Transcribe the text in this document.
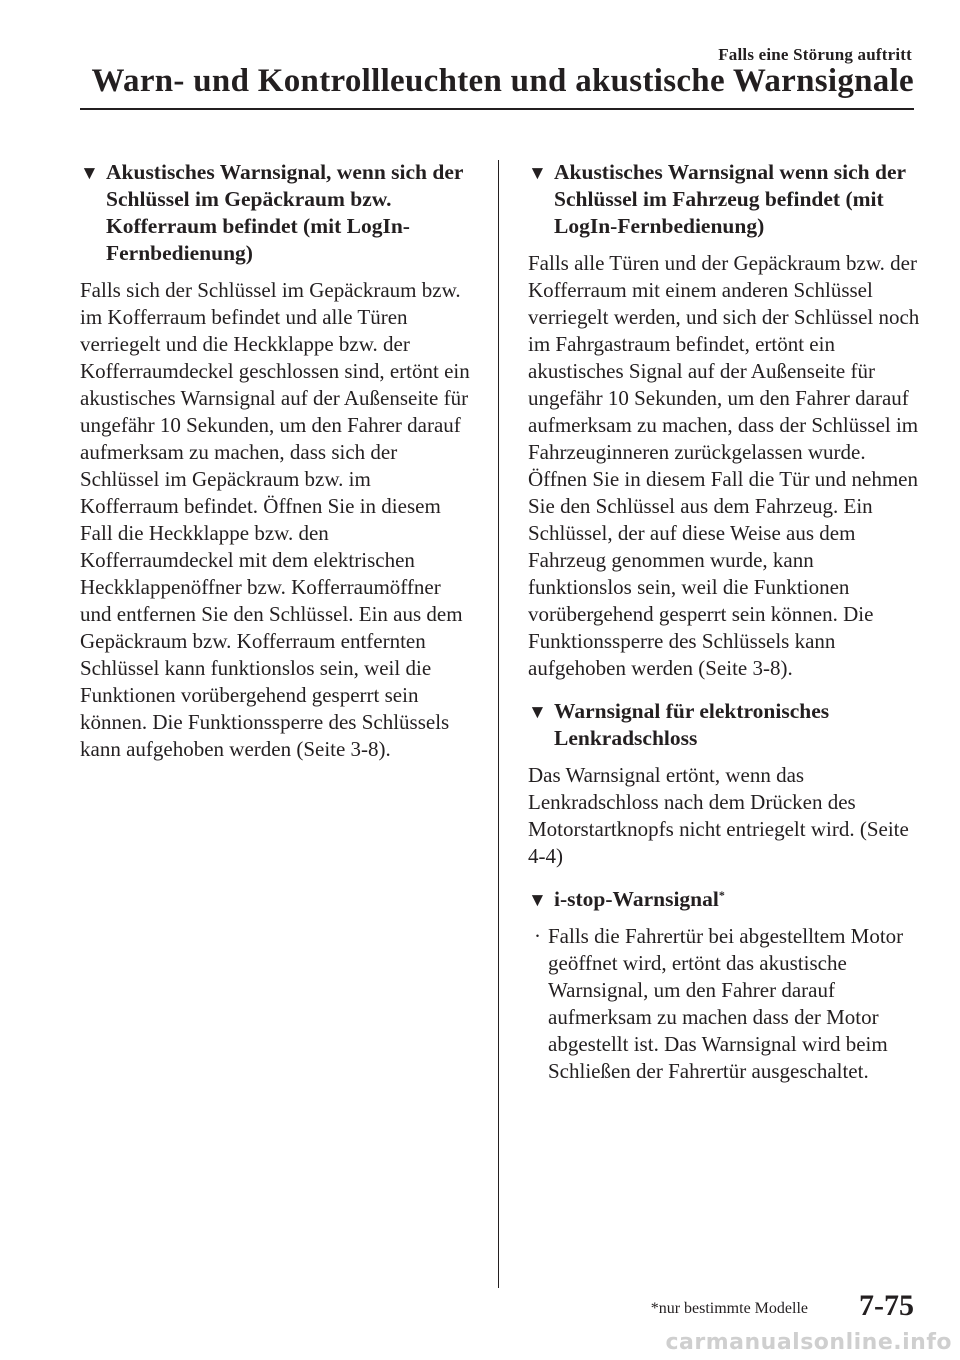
Falls eine Störung auftritt
Warn- und Kontrollleuchten und akustische Warnsignale
▼ Akustisches Warnsignal, wenn sich der Schlüssel im Gepäckraum bzw. Kofferraum befindet (mit LogIn-Fernbedienung)

Falls sich der Schlüssel im Gepäckraum bzw. im Kofferraum befindet und alle Türen verriegelt und die Heckklappe bzw. der Kofferraumdeckel geschlossen sind, ertönt ein akustisches Warnsignal auf der Außenseite für ungefähr 10 Sekunden, um den Fahrer darauf aufmerksam zu machen, dass sich der Schlüssel im Gepäckraum bzw. im Kofferraum befindet. Öffnen Sie in diesem Fall die Heckklappe bzw. den Kofferraumdeckel mit dem elektrischen Heckklappenöffner bzw. Kofferraumöffner und entfernen Sie den Schlüssel. Ein aus dem Gepäckraum bzw. Kofferraum entfernten Schlüssel kann funktionslos sein, weil die Funktionen vorübergehend gesperrt sein können. Die Funktionssperre des Schlüssels kann aufgehoben werden (Seite 3-8).

▼ Akustisches Warnsignal wenn sich der Schlüssel im Fahrzeug befindet (mit LogIn-Fernbedienung)

Falls alle Türen und der Gepäckraum bzw. der Kofferraum mit einem anderen Schlüssel verriegelt werden, und sich der Schlüssel noch im Fahrgastraum befindet, ertönt ein akustisches Signal auf der Außenseite für ungefähr 10 Sekunden, um den Fahrer darauf aufmerksam zu machen, dass der Schlüssel im Fahrzeuginneren zurückgelassen wurde. Öffnen Sie in diesem Fall die Tür und nehmen Sie den Schlüssel aus dem Fahrzeug. Ein Schlüssel, der auf diese Weise aus dem Fahrzeug genommen wurde, kann funktionslos sein, weil die Funktionen vorübergehend gesperrt sein können. Die Funktionssperre des Schlüssels kann aufgehoben werden (Seite 3-8).

▼ Warnsignal für elektronisches Lenkradschloss

Das Warnsignal ertönt, wenn das Lenkradschloss nach dem Drücken des Motorstartknopfs nicht entriegelt wird. (Seite 4-4)

▼ i-stop-Warnsignal*

· Falls die Fahrertür bei abgestelltem Motor geöffnet wird, ertönt das akustische Warnsignal, um den Fahrer darauf aufmerksam zu machen dass der Motor abgestellt ist. Das Warnsignal wird beim Schließen der Fahrertür ausgeschaltet.

*nur bestimmte Modelle 7-75
carmanualsonline.info
